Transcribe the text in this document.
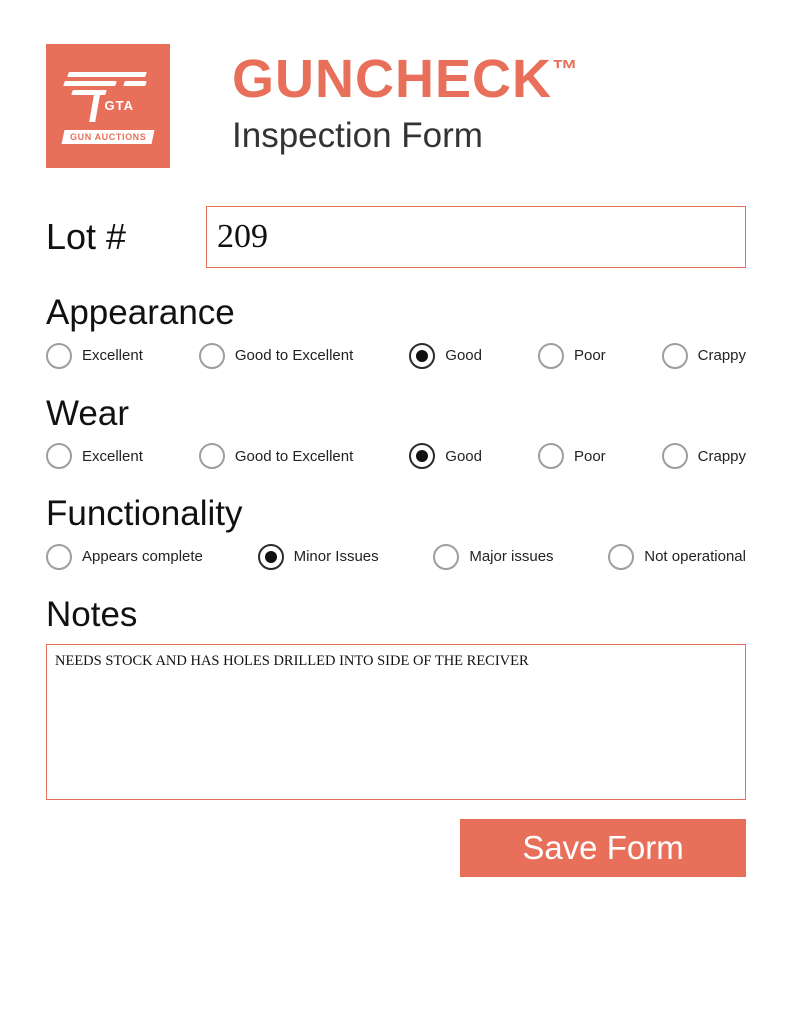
GTA
GUN AUCTIONS
GUNCHECK™
Inspection Form
Lot #
209
Appearance
Excellent	Good to Excellent	Good	Poor	Crappy
Wear
Excellent	Good to Excellent	Good	Poor	Crappy
Functionality
Appears complete	Minor Issues	Major issues	Not operational
Notes
NEEDS STOCK AND HAS HOLES DRILLED INTO SIDE OF THE RECIVER
Save Form
